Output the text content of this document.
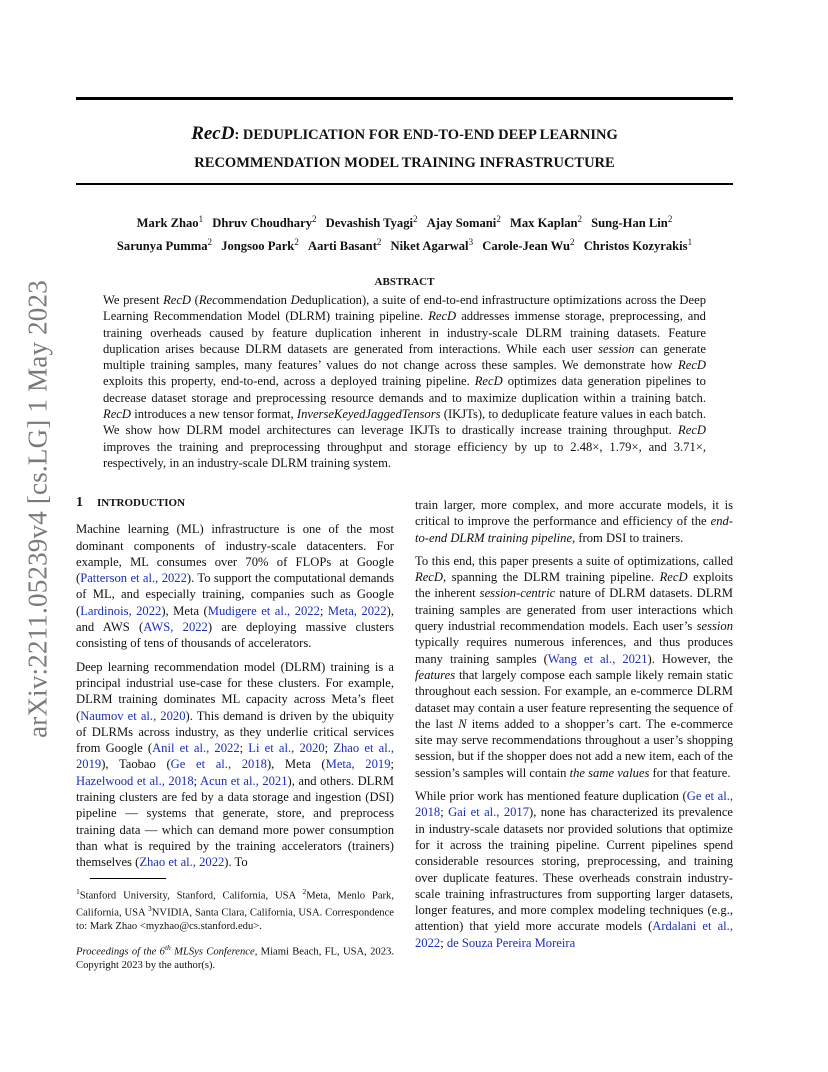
arXiv:2211.05239v4 [cs.LG] 1 May 2023
RecD: DEDUPLICATION FOR END-TO-END DEEP LEARNING
RECOMMENDATION MODEL TRAINING INFRASTRUCTURE
Mark Zhao$^1$ Dhruv Choudhary$^2$ Devashish Tyagi$^2$ Ajay Somani$^2$ Max Kaplan$^2$ Sung-Han Lin$^2$
Sarunya Pumma$^2$ Jongsoo Park$^2$ Aarti Basant$^2$ Niket Agarwal$^3$ Carole-Jean Wu$^2$ Christos Kozyrakis$^1$
ABSTRACT

We present RecD (Recommendation Deduplication), a suite of end-to-end infrastructure optimizations across the Deep Learning Recommendation Model (DLRM) training pipeline. RecD addresses immense storage, preprocessing, and training overheads caused by feature duplication inherent in industry-scale DLRM training datasets. Feature duplication arises because DLRM datasets are generated from interactions. While each user session can generate multiple training samples, many features’ values do not change across these samples. We demonstrate how RecD exploits this property, end-to-end, across a deployed training pipeline. RecD optimizes data generation pipelines to decrease dataset storage and preprocessing resource demands and to maximize duplication within a training batch. RecD introduces a new tensor format, InverseKeyedJaggedTensors (IKJTs), to deduplicate feature values in each batch. We show how DLRM model architectures can leverage IKJTs to drastically increase training throughput. RecD improves the training and preprocessing throughput and storage efficiency by up to 2.48×, 1.79×, and 3.71×, respectively, in an industry-scale DLRM training system.

1 INTRODUCTION

Machine learning (ML) infrastructure is one of the most dominant components of industry-scale datacenters. For example, ML consumes over 70% of FLOPs at Google (Patterson et al., 2022). To support the computational demands of ML, and especially training, companies such as Google (Lardinois, 2022), Meta (Mudigere et al., 2022; Meta, 2022), and AWS (AWS, 2022) are deploying massive clusters consisting of tens of thousands of accelerators.

Deep learning recommendation model (DLRM) training is a principal industrial use-case for these clusters. For example, DLRM training dominates ML capacity across Meta’s fleet (Naumov et al., 2020). This demand is driven by the ubiquity of DLRMs across industry, as they underlie critical services from Google (Anil et al., 2022; Li et al., 2020; Zhao et al., 2019), Taobao (Ge et al., 2018), Meta (Meta, 2019; Hazelwood et al., 2018; Acun et al., 2021), and others. DLRM training clusters are fed by a data storage and ingestion (DSI) pipeline — systems that generate, store, and preprocess training data — which can demand more power consumption than what is required by the training accelerators (trainers) themselves (Zhao et al., 2022). To

$^1$Stanford University, Stanford, California, USA $^2$Meta, Menlo Park, California, USA $^3$NVIDIA, Santa Clara, California, USA. Correspondence to: Mark Zhao <myzhao@cs.stanford.edu>.

Proceedings of the 6th MLSys Conference, Miami Beach, FL, USA, 2023. Copyright 2023 by the author(s).

train larger, more complex, and more accurate models, it is critical to improve the performance and efficiency of the end-to-end DLRM training pipeline, from DSI to trainers.

To this end, this paper presents a suite of optimizations, called RecD, spanning the DLRM training pipeline. RecD exploits the inherent session-centric nature of DLRM datasets. DLRM training samples are generated from user interactions which query industrial recommendation models. Each user’s session typically requires numerous inferences, and thus produces many training samples (Wang et al., 2021). However, the features that largely compose each sample likely remain static throughout each session. For example, an e-commerce DLRM dataset may contain a user feature representing the sequence of the last N items added to a shopper’s cart. The e-commerce site may serve recommendations throughout a user’s shopping session, but if the shopper does not add a new item, each of the session’s samples will contain the same values for that feature.

While prior work has mentioned feature duplication (Ge et al., 2018; Gai et al., 2017), none has characterized its prevalence in industry-scale datasets nor provided solutions that optimize for it across the training pipeline. Current pipelines spend considerable resources storing, preprocessing, and training over duplicate features. These overheads constrain industry-scale training infrastructures from supporting larger datasets, longer features, and more complex modeling techniques (e.g., attention) that yield more accurate models (Ardalani et al., 2022; de Souza Pereira Moreira
